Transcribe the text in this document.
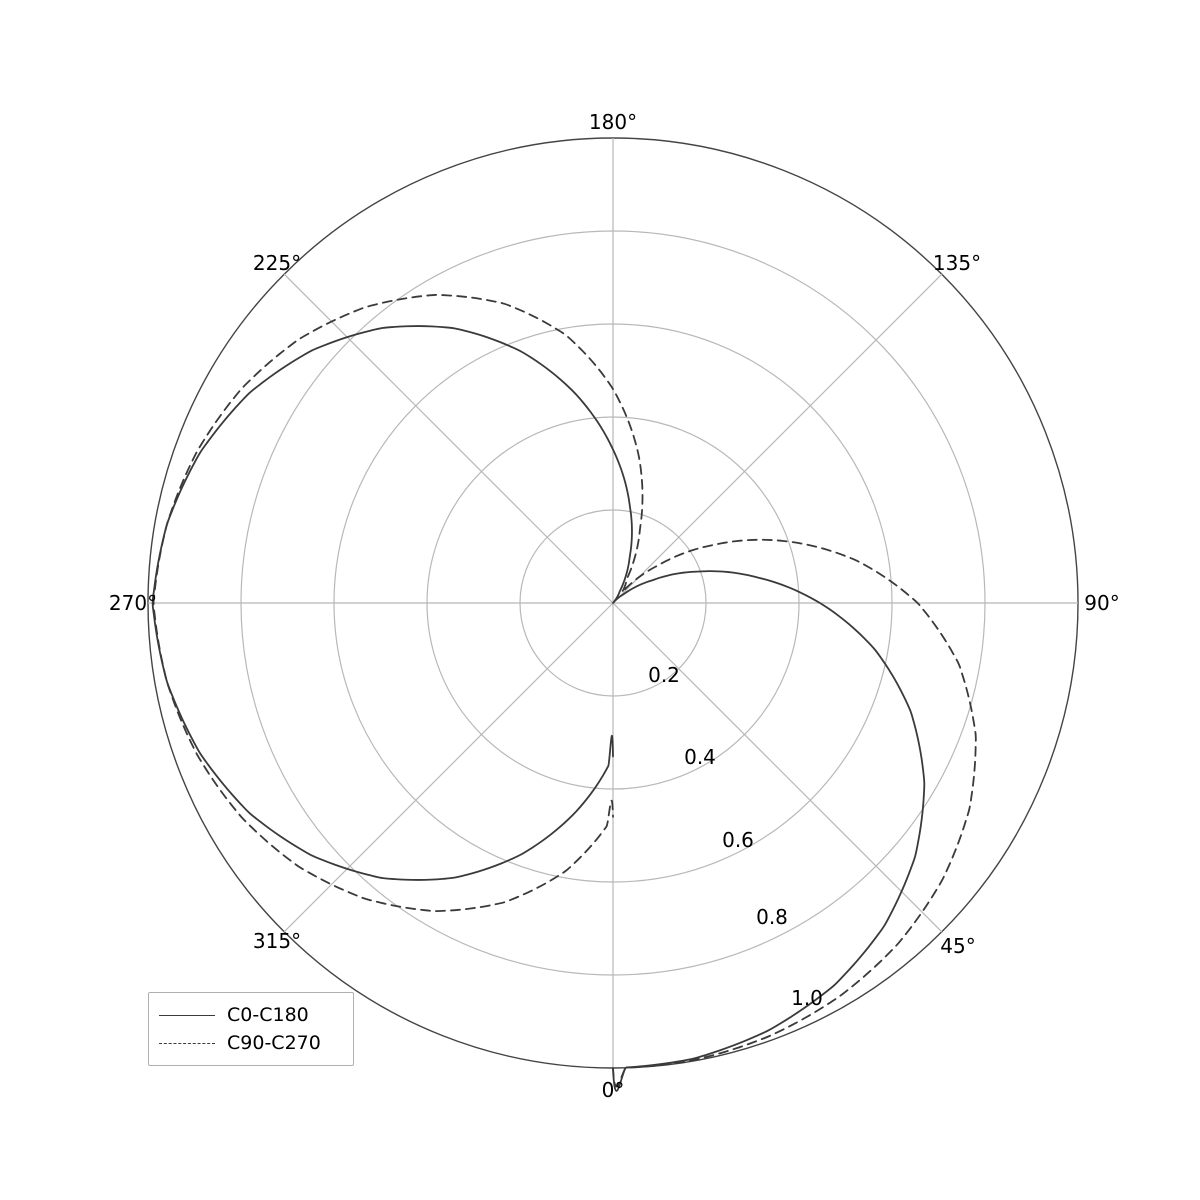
0°
45°
90°
135°
180°
225°
270°
315°
0.2
0.4
0.6
0.8
1.0
C0-C180
C90-C270
